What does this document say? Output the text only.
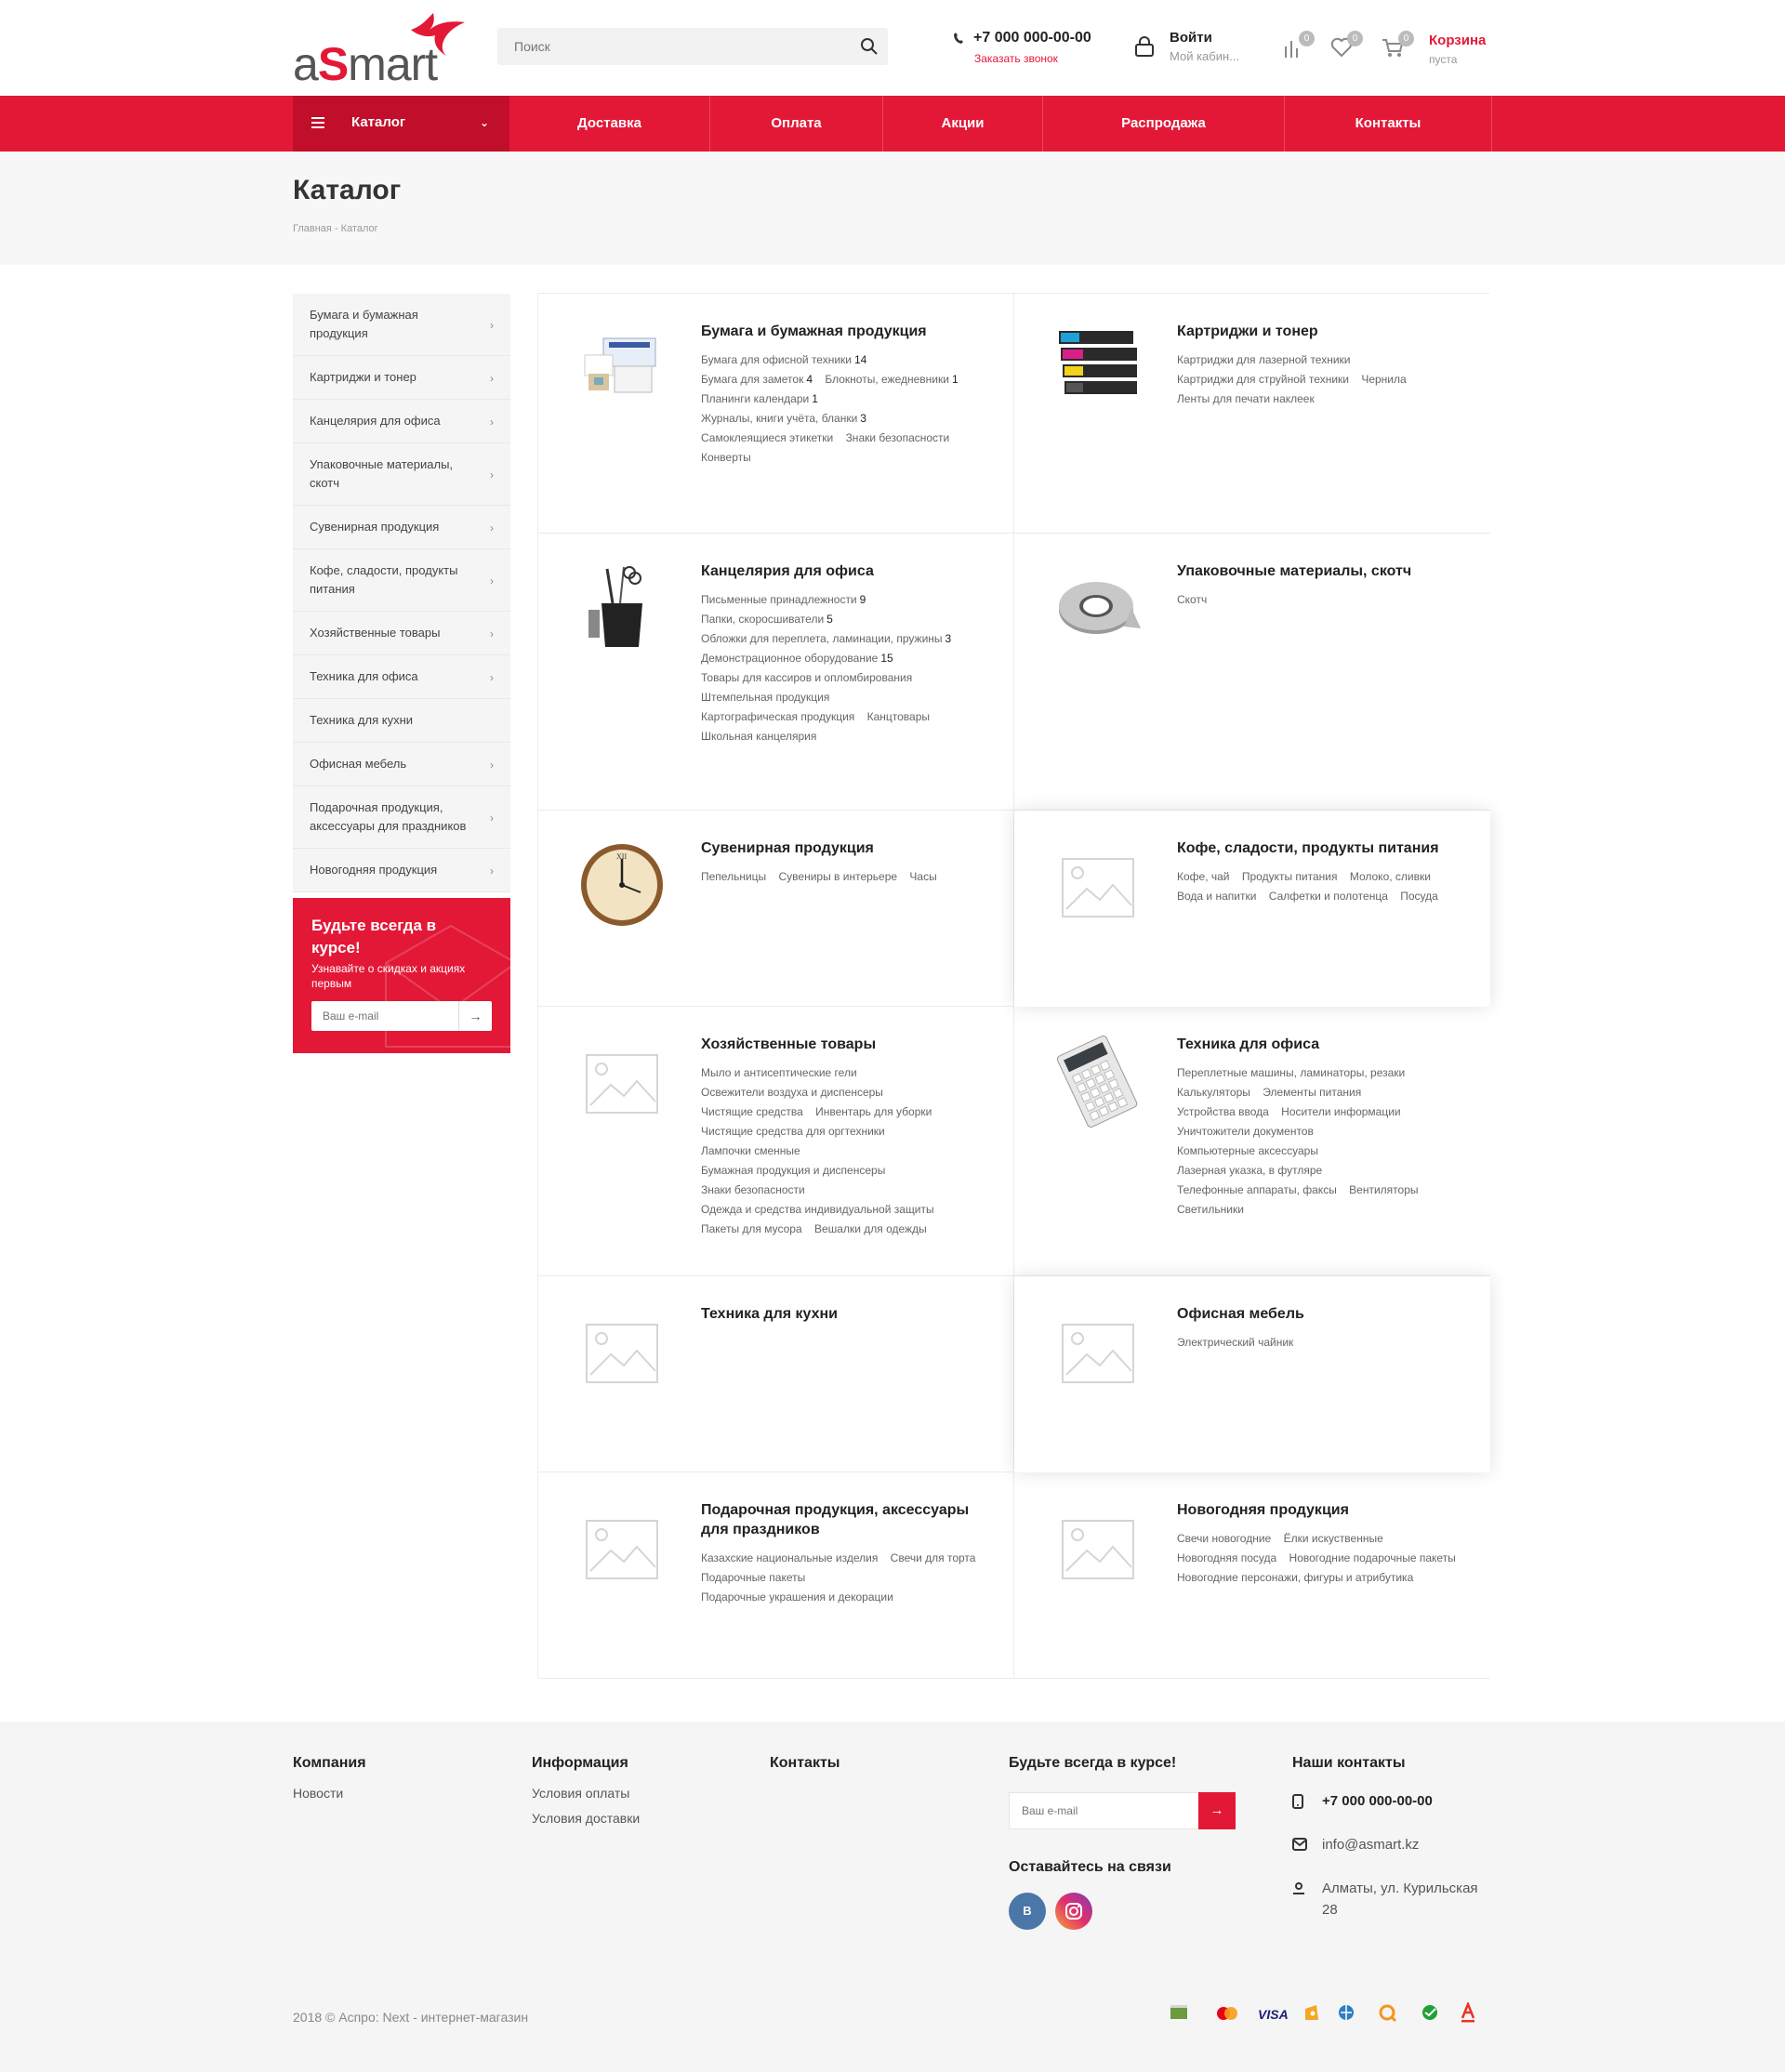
aSmart
Поиск
+7 000 000-00-00
Заказать звонок
Войти
Мой кабин...
0	0	0	Корзина
пуста
Каталог	⌄	Доставка	Оплата	Акции	Распродажа	Контакты
Каталог
Главная - Каталог
Бумага и бумажная продукция
›
Картриджи и тонер	›
Канцелярия для офиса	›
Упаковочные материалы, скотч
›
Сувенирная продукция	›
Кофе, сладости, продукты питания
›
Хозяйственные товары	›
Техника для офиса	›
Техника для кухни
Офисная мебель	›
Подарочная продукция, аксессуары для праздников
›
Новогодняя продукция	›
Будьте всегда в курсе!
Узнавайте о скидках и акциях первым
Ваш e-mail
→
Бумага и бумажная продукция
Бумага для офисной техники 14 Бумага для заметок 4 Блокноты, ежедневники 1 Планинги календари 1 Журналы, книги учёта, бланки 3 Самоклеящиеся этикетки Знаки безопасности Конверты
Картриджи и тонер
Картриджи для лазерной техники Картриджи для струйной техники Чернила Ленты для печати наклеек
Канцелярия для офиса
Письменные принадлежности 9 Папки, скоросшиватели 5 Обложки для переплета, ламинации, пружины 3 Демонстрационное оборудование 15 Товары для кассиров и опломбирования Штемпельная продукция Картографическая продукция Канцтовары Школьная канцелярия
Упаковочные материалы, скотч
Скотч
XII
Сувенирная продукция
Пепельницы Сувениры в интерьере Часы
Кофе, сладости, продукты питания
Кофе, чай Продукты питания Молоко, сливки Вода и напитки Салфетки и полотенца Посуда
Хозяйственные товары
Мыло и антисептические гели Освежители воздуха и диспенсеры Чистящие средства Инвентарь для уборки Чистящие средства для оргтехники Лампочки сменные Бумажная продукция и диспенсеры Знаки безопасности Одежда и средства индивидуальной защиты Пакеты для мусора Вешалки для одежды
Техника для офиса
Переплетные машины, ламинаторы, резаки Калькуляторы Элементы питания Устройства ввода Носители информации Уничтожители документов Компьютерные аксессуары Лазерная указка, в футляре Телефонные аппараты, факсы Вентиляторы Светильники
Техника для кухни	Офисная мебель
Электрический чайник
Подарочная продукция, аксессуары для праздников
Казахские национальные изделия Свечи для торта Подарочные пакеты Подарочные украшения и декорации
Новогодняя продукция
Свечи новогодние Ёлки искуственные Новогодняя посуда Новогодние подарочные пакеты Новогодние персонажи, фигуры и атрибутика
Компания
Новости
Информация
Условия оплаты
Условия доставки
Контакты	Будьте всегда в курсе!
Ваш e-mail
→
Оставайтесь на связи
В
Наши контакты
+7 000 000-00-00
info@asmart.kz
Алматы, ул. Курильская 28
2018 © Аспро: Next - интернет-магазин	VISA
